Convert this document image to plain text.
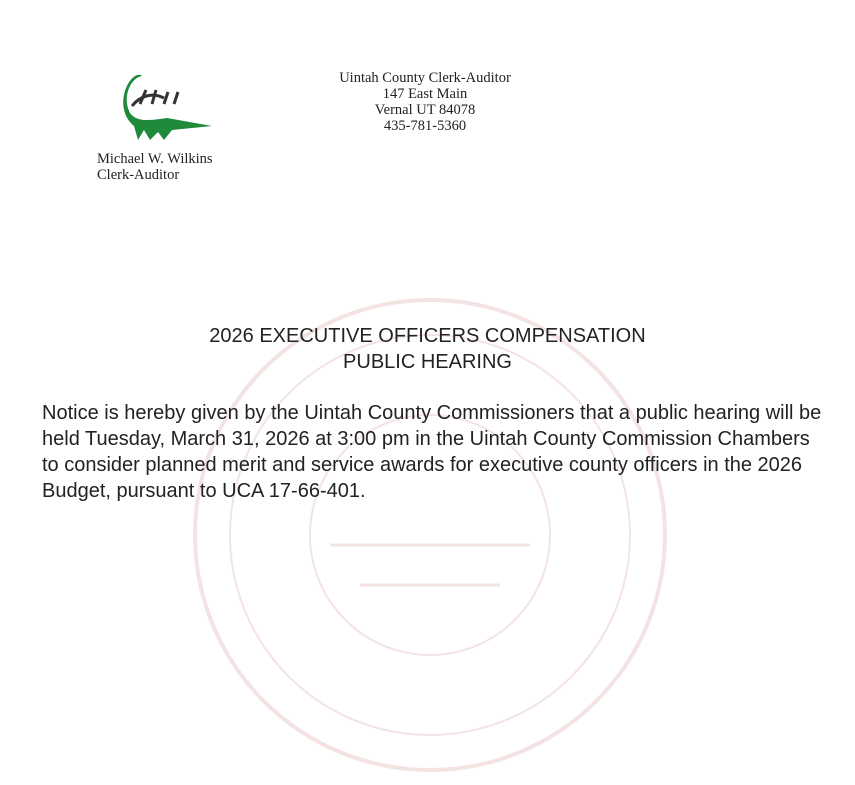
Uintah County Clerk-Auditor
147 East Main
Vernal UT 84078
435-781-5360
Michael W. Wilkins
Clerk-Auditor
2026 EXECUTIVE OFFICERS COMPENSATION
PUBLIC HEARING
Notice is hereby given by the Uintah County Commissioners that a public hearing will be held Tuesday, March 31, 2026 at 3:00 pm in the Uintah County Commission Chambers to consider planned merit and service awards for executive county officers in the 2026 Budget, pursuant to UCA 17-66-401.
